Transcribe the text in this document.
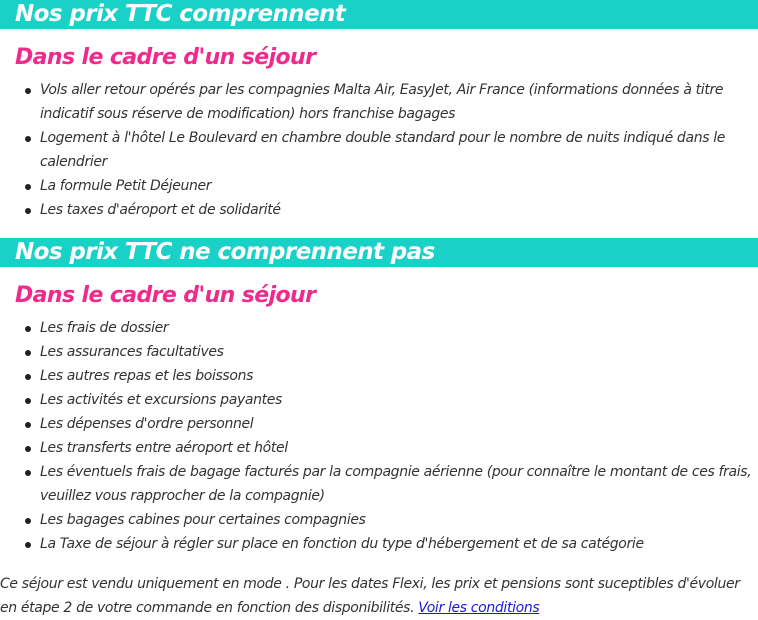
Nos prix TTC comprennent
Dans le cadre d'un séjour
Vols aller retour opérés par les compagnies Malta Air, EasyJet, Air France (informations données à titre indicatif sous réserve de modification) hors franchise bagages
Logement à l'hôtel Le Boulevard en chambre double standard pour le nombre de nuits indiqué dans le calendrier
La formule Petit Déjeuner
Les taxes d'aéroport et de solidarité
Nos prix TTC ne comprennent pas
Dans le cadre d'un séjour
Les frais de dossier
Les assurances facultatives
Les autres repas et les boissons
Les activités et excursions payantes
Les dépenses d'ordre personnel
Les transferts entre aéroport et hôtel
Les éventuels frais de bagage facturés par la compagnie aérienne (pour connaître le montant de ces frais, veuillez vous rapprocher de la compagnie)
Les bagages cabines pour certaines compagnies
La Taxe de séjour à régler sur place en fonction du type d'hébergement et de sa catégorie

Ce séjour est vendu uniquement en mode . Pour les dates Flexi, les prix et pensions sont suceptibles d'évoluer en étape 2 de votre commande en fonction des disponibilités. Voir les conditions
